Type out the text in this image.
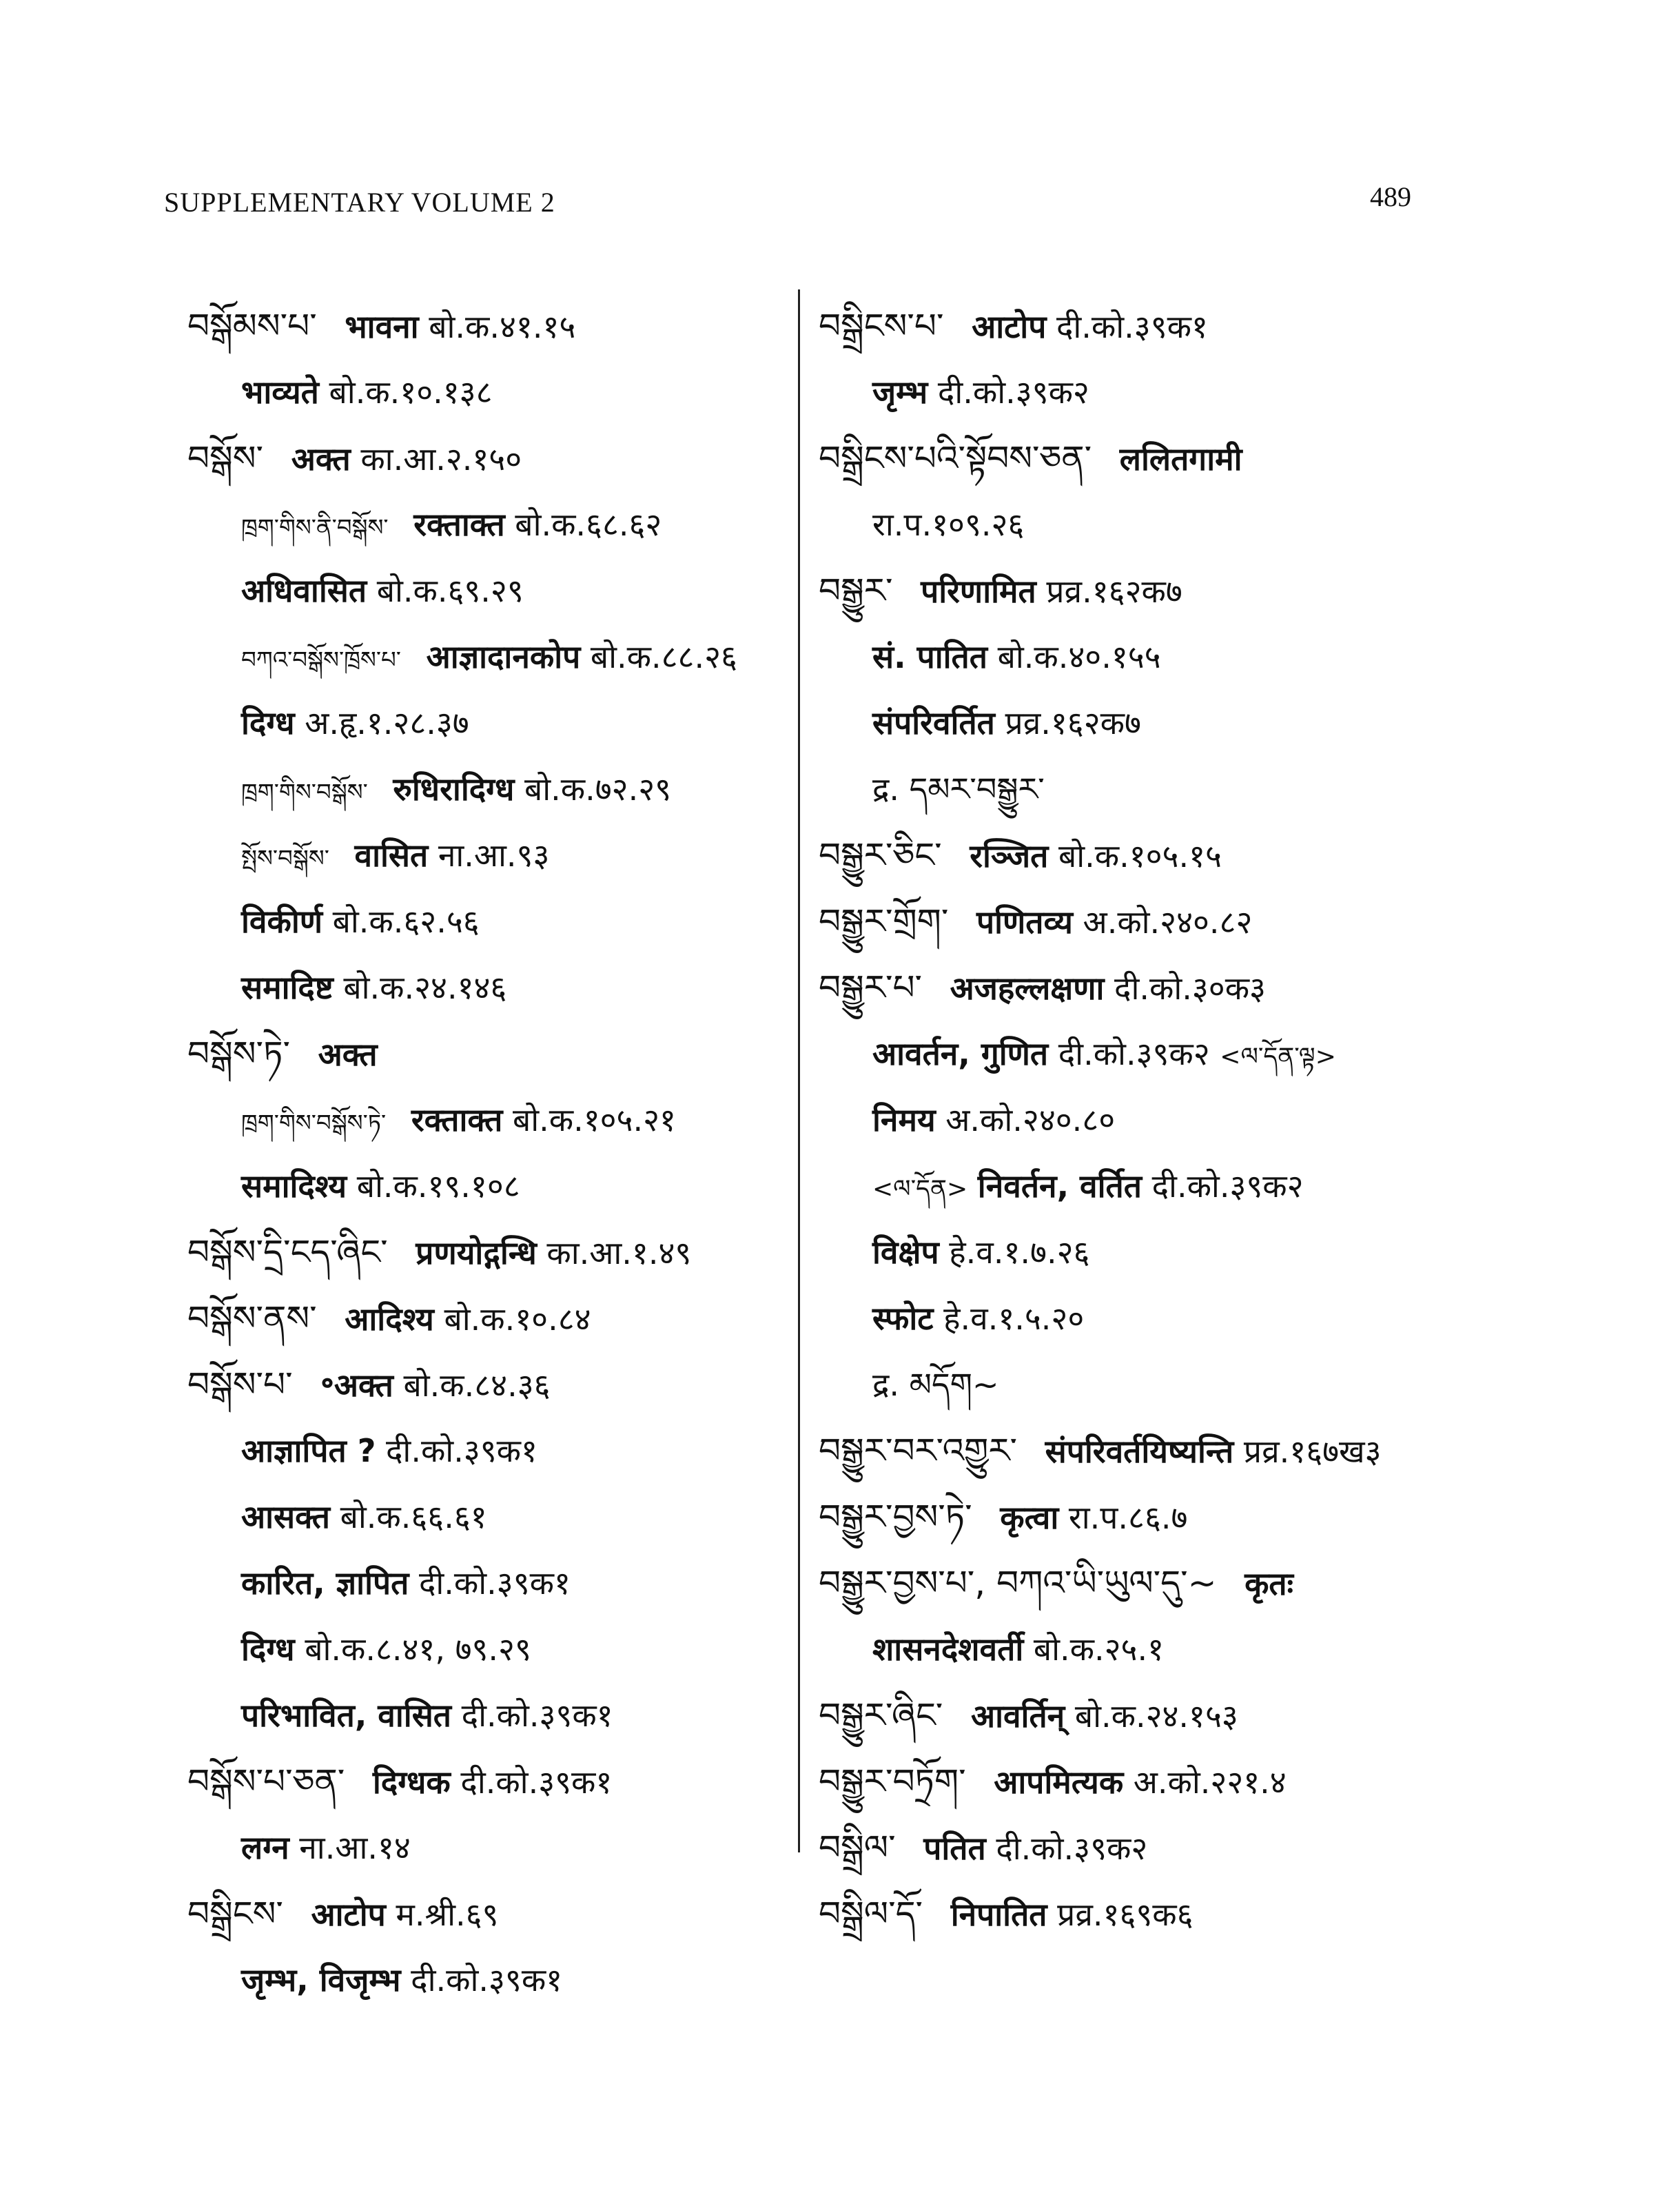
SUPPLEMENTARY VOLUME 2	489
བསྒོམས་པ་ भावना बो.क.४१.१५
भाव्यते बो.क.१०.१३८
བསྒོས་ अक्त का.आ.२.१५०
ཁྲག་གིས་ནི་བསྒོས་ रक्ताक्त बो.क.६८.६२
अधिवासित बो.क.६९.२९
བཀའ་བསྒོས་ཁྲོས་པ་ आज्ञादानकोप बो.क.८८.२६
दिग्ध अ.हृ.१.२८.३७
ཁྲག་གིས་བསྒོས་ रुधिरादिग्ध बो.क.७२.२९
སྤོས་བསྒོས་ वासित ना.आ.९३
विकीर्ण बो.क.६२.५६
समादिष्ट बो.क.२४.१४६
བསྒོས་ཏེ་ अक्त
ཁྲག་གིས་བསྒོས་ཏེ་ रक्ताक्त बो.क.१०५.२१
समादिश्य बो.क.१९.१०८
བསྒོས་དྲི་ངད་ཞིང་ प्रणयोद्गन्धि का.आ.१.४९
བསྒོས་ནས་ आदिश्य बो.क.१०.८४
བསྒོས་པ་ ॰अक्त बो.क.८४.३६
आज्ञापित ? दी.को.३९क१
आसक्त बो.क.६६.६१
कारित, ज्ञापित दी.को.३९क१
दिग्ध बो.क.८.४१, ७९.२९
परिभावित, वासित दी.को.३९क१
བསྒོས་པ་ཅན་ दिग्धक दी.को.३९क१
लग्न ना.आ.१४
བསྒྲིངས་ आटोप म.श्री.६९
जृम्भ, विजृम्भ दी.को.३९क१
བསྒྲིངས་པ་ आटोप दी.को.३९क१
जृम्भ दी.को.३९क२
བསྒྲིངས་པའི་སྟོབས་ཅན་ ललितगामी
रा.प.१०९.२६
བསྒྱུར་ परिणामित प्रव्र.१६२क७
सं. पातित बो.क.४०.१५५
संपरिवर्तित प्रव्र.१६२क७
द्र. དམར་བསྒྱུར་
བསྒྱུར་ཅིང་ रञ्जित बो.क.१०५.१५
བསྒྱུར་གྲོག་ पणितव्य अ.को.२४०.८२
བསྒྱུར་པ་ अजहल्लक्षणा दी.को.३०क३
आवर्तन, गुणित दी.को.३९क२ <ལ་དོན་ལྟ>
निमय अ.को.२४०.८०
<ལ་དོན> निवर्तन, वर्तित दी.को.३९क२
विक्षेप हे.व.१.७.२६
स्फोट हे.व.१.५.२०
द्र. མདོག~
བསྒྱུར་བར་འགྱུར་ संपरिवर्तयिष्यन्ति प्रव्र.१६७ख३
བསྒྱུར་བྱས་ཏེ་ कृत्वा रा.प.८६.७
བསྒྱུར་བྱས་པ་, བཀའ་ཡི་ཡུལ་དུ་~ कृतः
शासनदेशवर्ती बो.क.२५.१
བསྒྱུར་ཞིང་ आवर्तिन् बो.क.२४.१५३
བསྒྱུར་བཏྲོག་ आपमित्यक अ.को.२२१.४
བསྒྲིལ་ पतित दी.को.३९क२
བསྒྲིལ་དོ་ निपातित प्रव्र.१६९क६
